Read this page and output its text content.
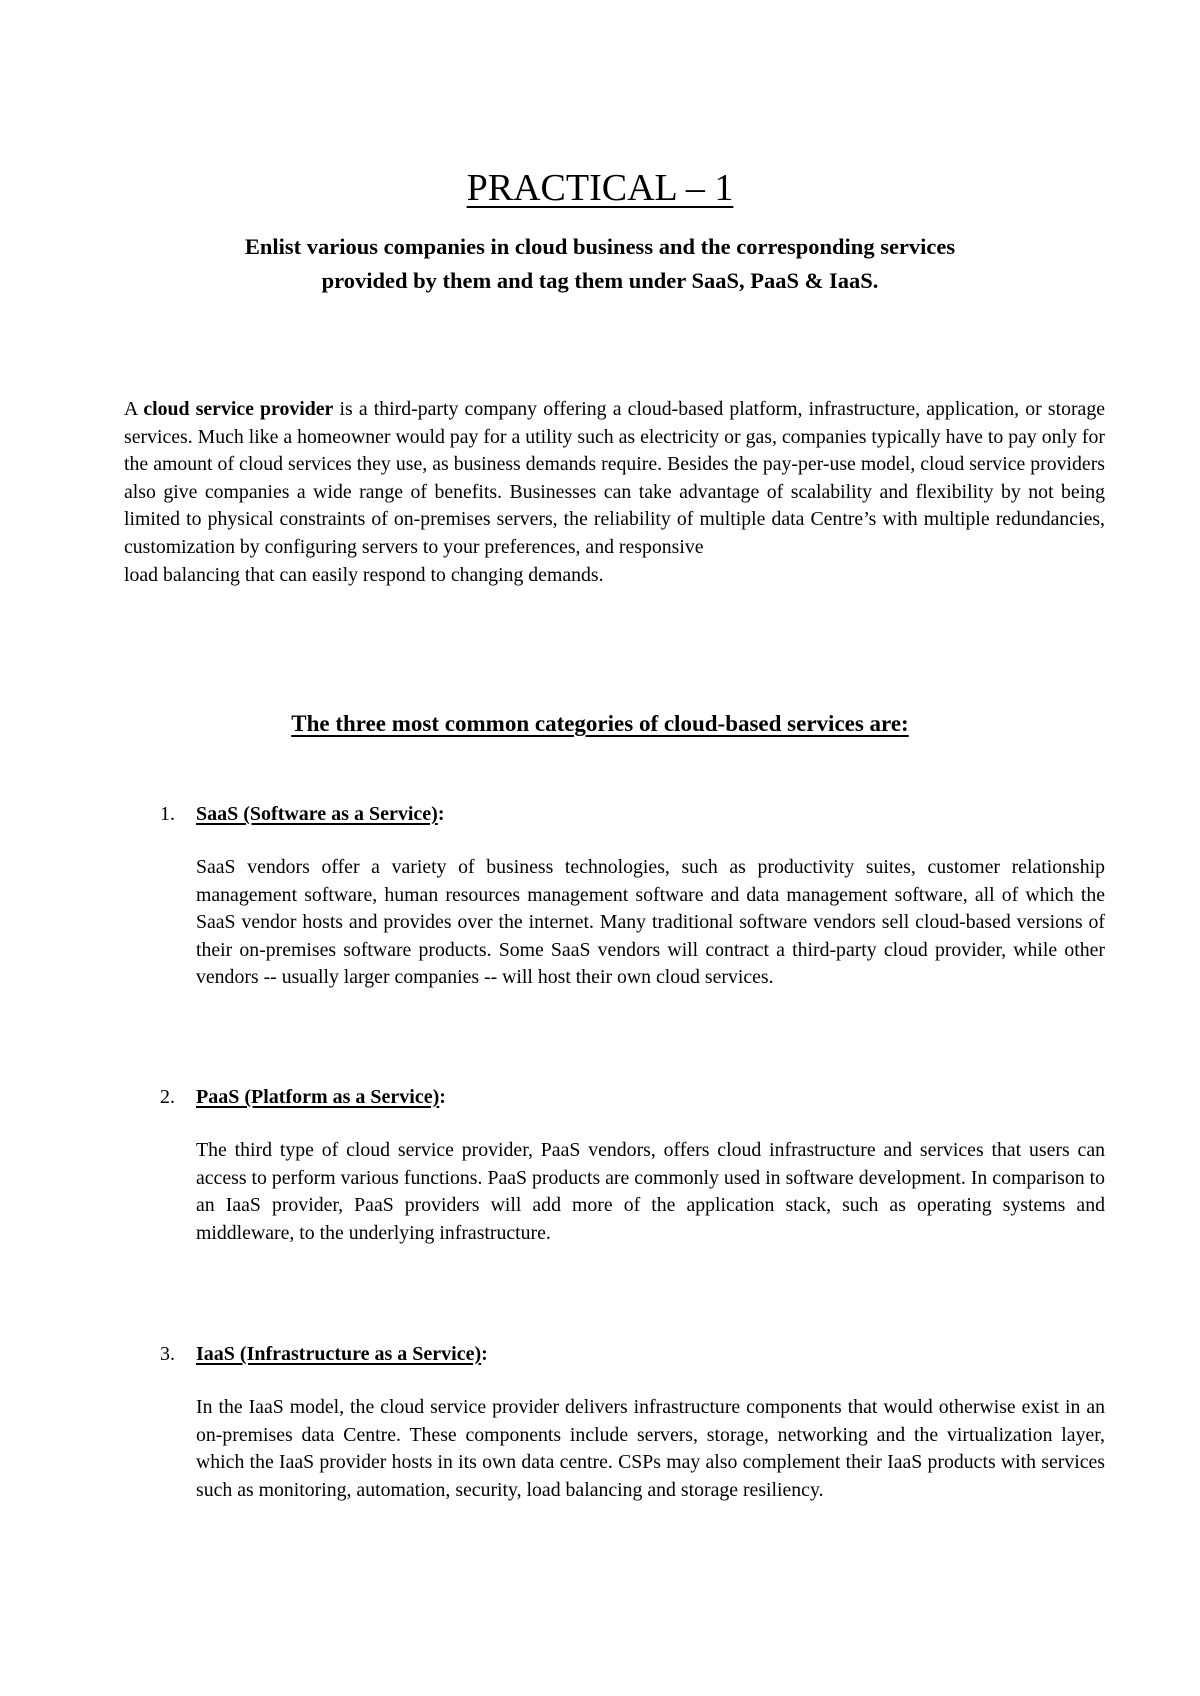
PRACTICAL – 1
Enlist various companies in cloud business and the corresponding services
provided by them and tag them under SaaS, PaaS & IaaS.

A cloud service provider is a third-party company offering a cloud-based platform, infrastructure, application, or storage services. Much like a homeowner would pay for a utility such as electricity or gas, companies typically have to pay only for the amount of cloud services they use, as business demands require. Besides the pay-per-use model, cloud service providers also give companies a wide range of benefits. Businesses can take advantage of scalability and flexibility by not being limited to physical constraints of on-premises servers, the reliability of multiple data Centre’s with multiple redundancies, customization by configuring servers to your preferences, and responsive
load balancing that can easily respond to changing demands.

The three most common categories of cloud-based services are:

1. SaaS (Software as a Service):

SaaS vendors offer a variety of business technologies, such as productivity suites, customer relationship management software, human resources management software and data management software, all of which the SaaS vendor hosts and provides over the internet. Many traditional software vendors sell cloud-based versions of their on-premises software products. Some SaaS vendors will contract a third-party cloud provider, while other vendors -- usually larger companies -- will host their own cloud services.

2. PaaS (Platform as a Service):

The third type of cloud service provider, PaaS vendors, offers cloud infrastructure and services that users can access to perform various functions. PaaS products are commonly used in software development. In comparison to an IaaS provider, PaaS providers will add more of the application stack, such as operating systems and middleware, to the underlying infrastructure.

3. IaaS (Infrastructure as a Service):

In the IaaS model, the cloud service provider delivers infrastructure components that would otherwise exist in an on-premises data Centre. These components include servers, storage, networking and the virtualization layer, which the IaaS provider hosts in its own data centre. CSPs may also complement their IaaS products with services such as monitoring, automation, security, load balancing and storage resiliency.
